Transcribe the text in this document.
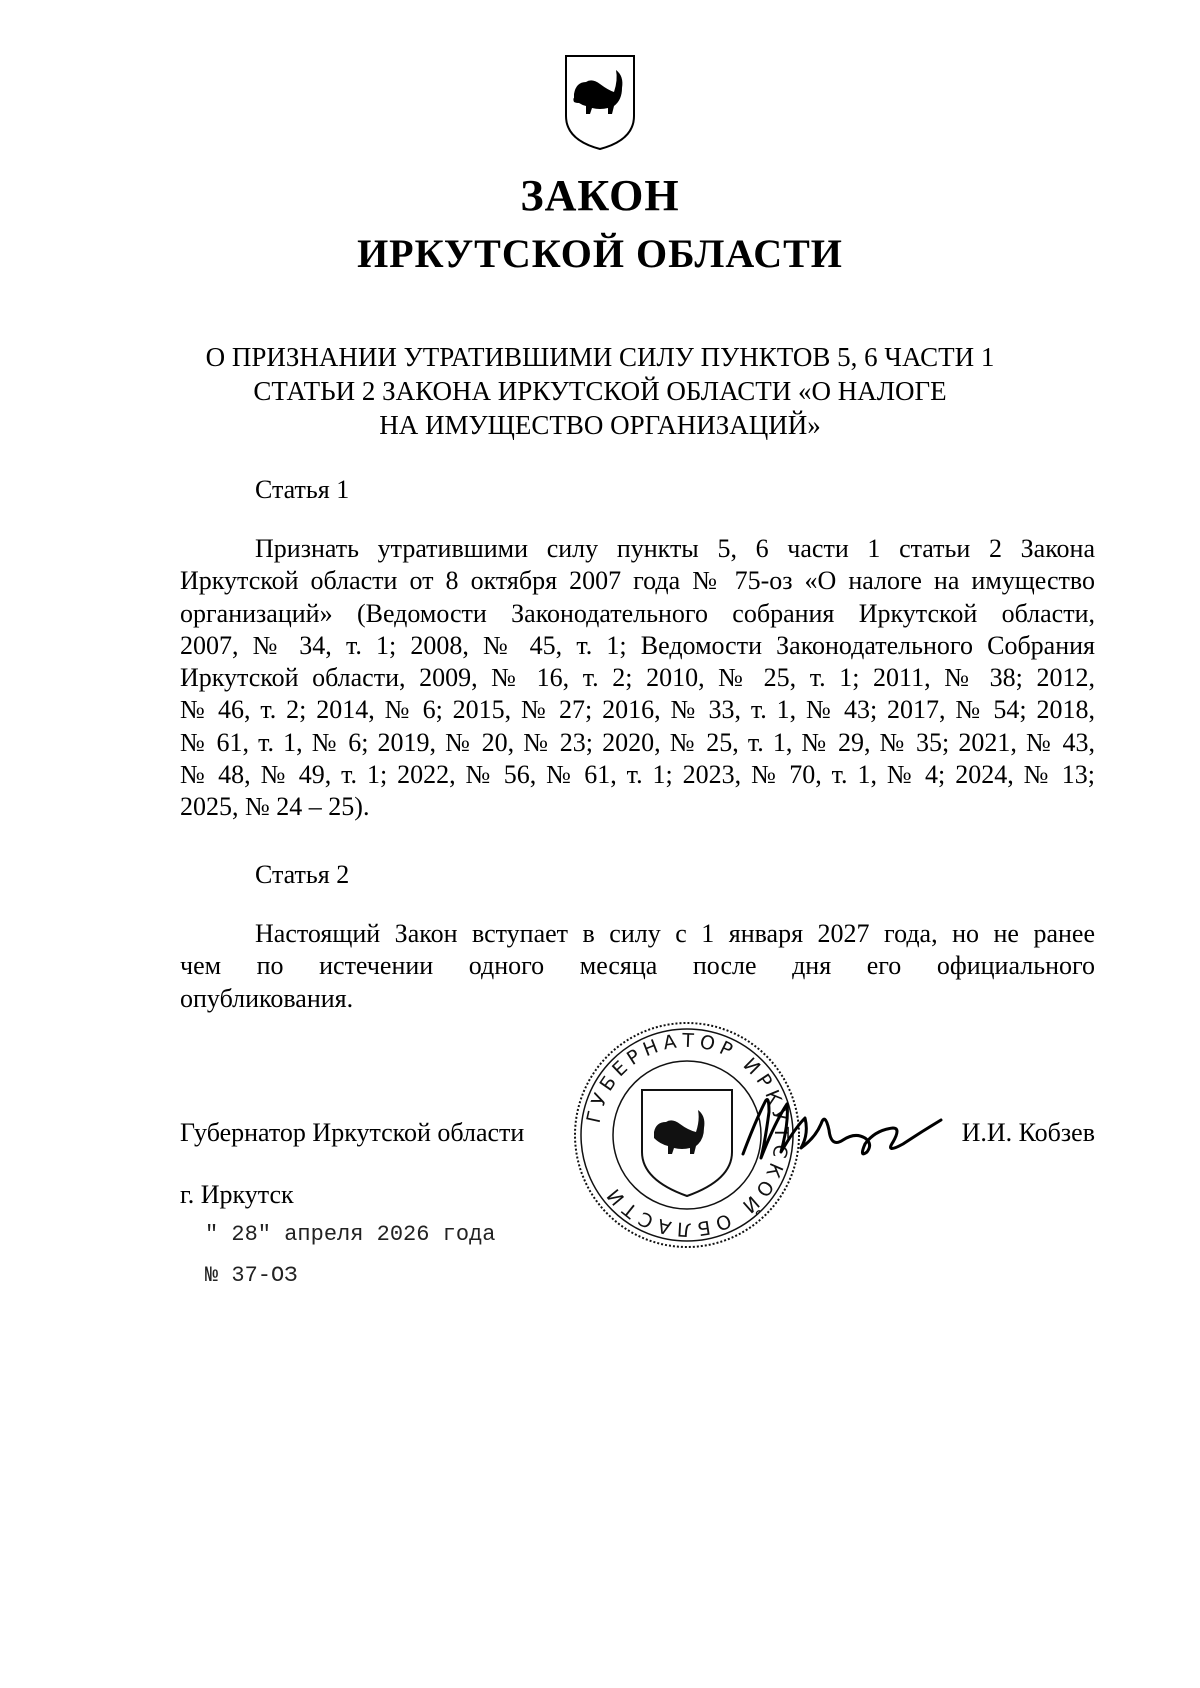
ЗАКОН
ИРКУТСКОЙ ОБЛАСТИ
О ПРИЗНАНИИ УТРАТИВШИМИ СИЛУ ПУНКТОВ 5, 6 ЧАСТИ 1
СТАТЬИ 2 ЗАКОНА ИРКУТСКОЙ ОБЛАСТИ «О НАЛОГЕ
НА ИМУЩЕСТВО ОРГАНИЗАЦИЙ»
Статья 1
Признать утратившими силу пункты 5, 6 части 1 статьи 2 Закона
Иркутской области от 8 октября 2007 года № 75-оз «О налоге на имущество
организаций» (Ведомости Законодательного собрания Иркутской области,
2007, № 34, т. 1; 2008, № 45, т. 1; Ведомости Законодательного Собрания
Иркутской области, 2009, № 16, т. 2; 2010, № 25, т. 1; 2011, № 38; 2012,
№ 46, т. 2; 2014, № 6; 2015, № 27; 2016, № 33, т. 1, № 43; 2017, № 54; 2018,
№ 61, т. 1, № 6; 2019, № 20, № 23; 2020, № 25, т. 1, № 29, № 35; 2021, № 43,
№ 48, № 49, т. 1; 2022, № 56, № 61, т. 1; 2023, № 70, т. 1, № 4; 2024, № 13;
2025, № 24 – 25).
Статья 2
Настоящий Закон вступает в силу с 1 января 2027 года, но не ранее
чем по истечении одного месяца после дня его официального
опубликования.
ГУБЕРНАТОР ИРКУТСКОЙ ОБЛАСТИ
Губернатор Иркутской области	И.И. Кобзев
г. Иркутск
" 28" апреля 2026 года
№ 37-ОЗ
